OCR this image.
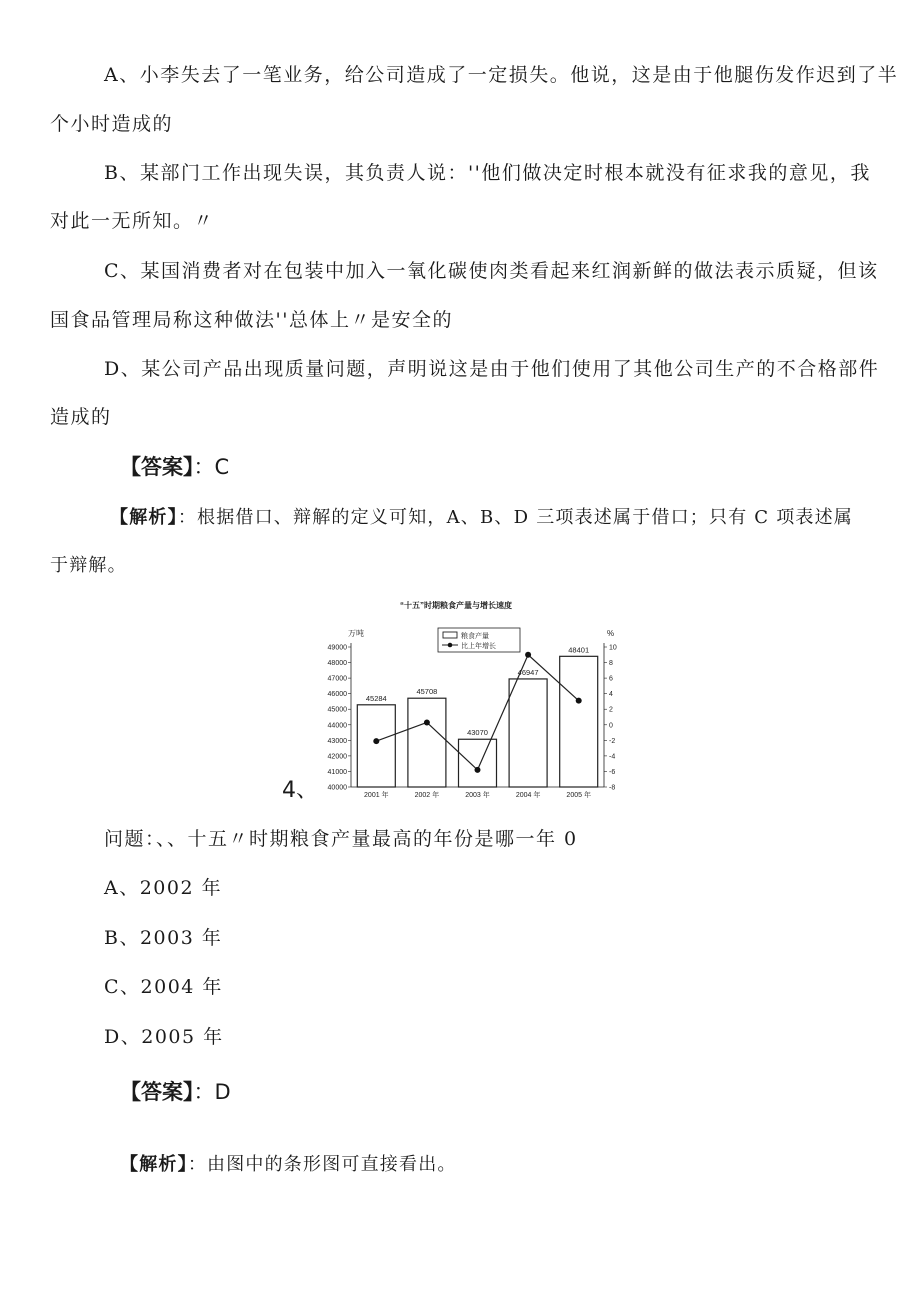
A、小李失去了一笔业务，给公司造成了一定损失。他说，这是由于他腿伤发作迟到了半
个小时造成的
B、某部门工作出现失误，其负责人说：''他们做决定时根本就没有征求我的意见，我
对此一无所知。〃
C、某国消费者对在包装中加入一氧化碳使肉类看起来红润新鲜的做法表示质疑，但该
国食品管理局称这种做法''总体上〃是安全的
D、某公司产品出现质量问题，声明说这是由于他们使用了其他公司生产的不合格部件
造成的
【答案】：C
【解析】：根据借口、辩解的定义可知，A、B、D 三项表述属于借口；只有 C 项表述属
于辩解。
“十五”时期粮食产量与增长速度
万吨	%
40000
41000
42000
43000
44000
45000
46000
47000
48000
49000
-8
-6
-4
-2
0
2
4
6
8
10
45284
2001 年
45708
2002 年
43070
2003 年
46947
2004 年
48401
2005 年
粮食产量
比上年增长
4、
问题：、、十五〃时期粮食产量最高的年份是哪一年 0
A、2002 年
B、2003 年
C、2004 年
D、2005 年
【答案】：D
【解析】：由图中的条形图可直接看出。
